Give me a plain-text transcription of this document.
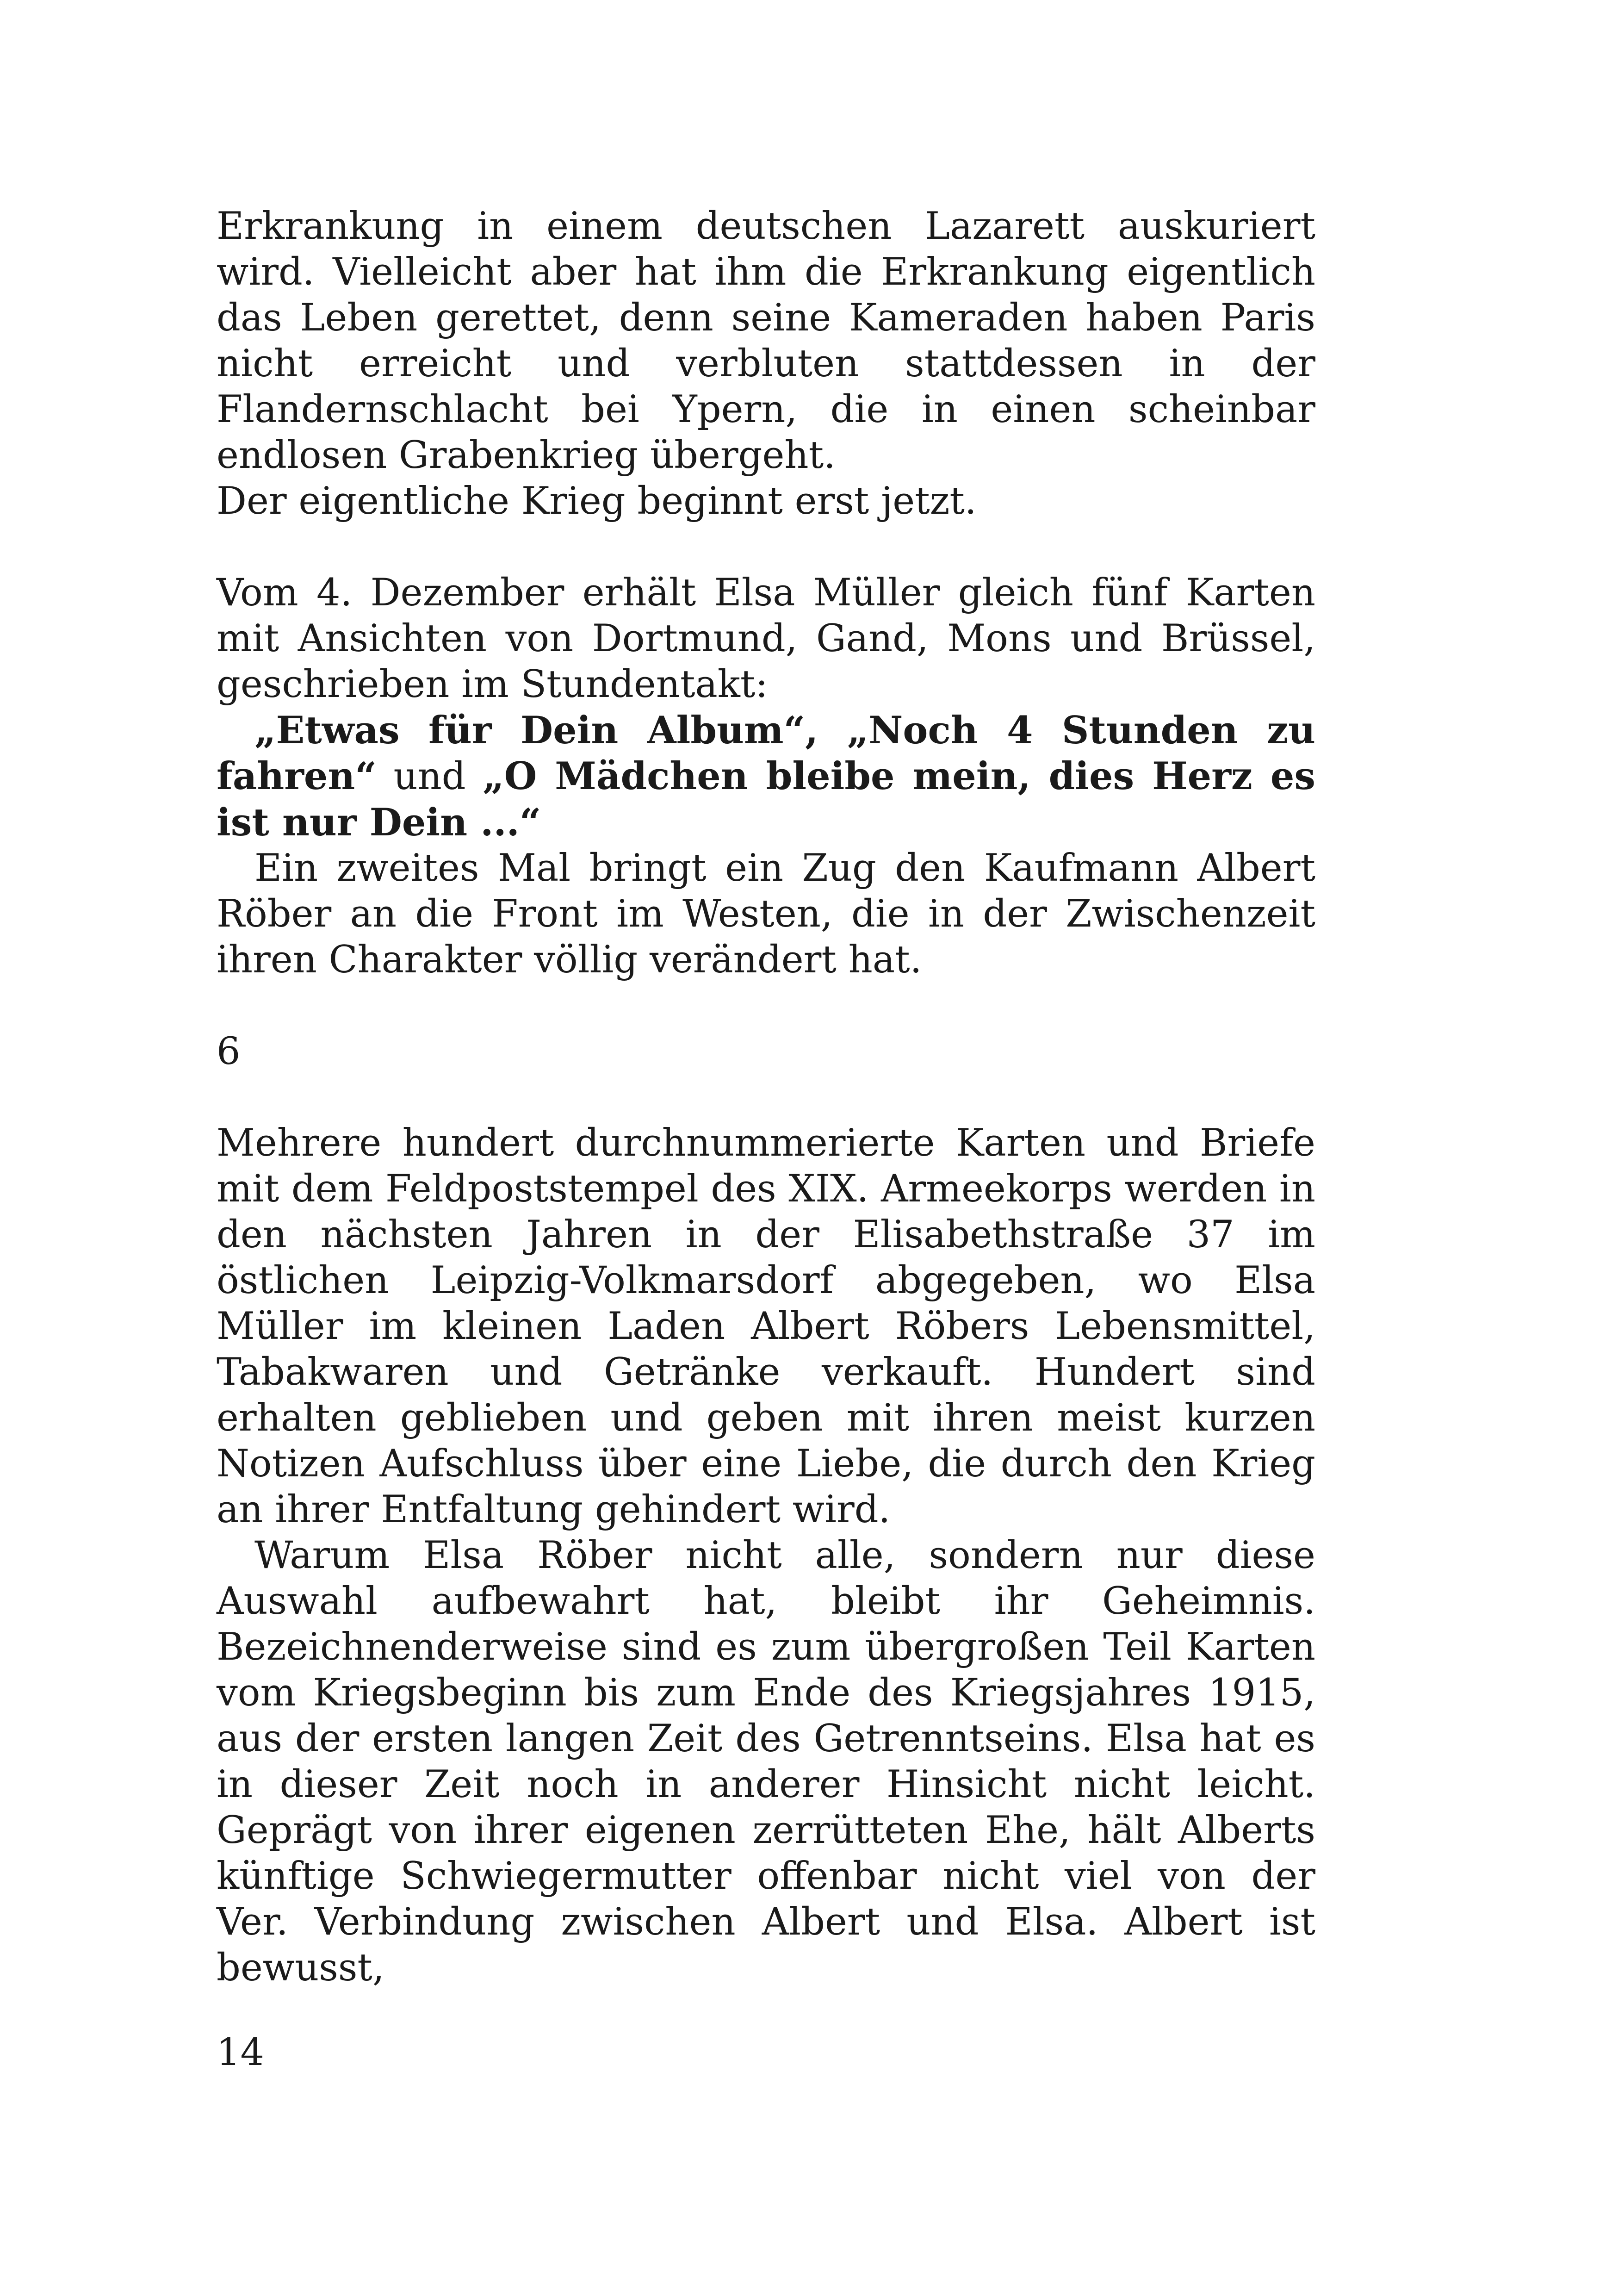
Erkrankung in einem deutschen Lazarett auskuriert wird. Vielleicht aber hat ihm die Erkrankung eigentlich das Leben gerettet, denn seine Kameraden haben Paris nicht erreicht und verbluten stattdessen in der Flandernschlacht bei Ypern, die in einen scheinbar endlosen Grabenkrieg übergeht.

Der eigentliche Krieg beginnt erst jetzt.

Vom 4. Dezember erhält Elsa Müller gleich fünf Karten mit Ansichten von Dortmund, Gand, Mons und Brüssel, geschrieben im Stundentakt:

„Etwas für Dein Album“, „Noch 4 Stunden zu fahren“ und „O Mädchen bleibe mein, dies Herz es ist nur Dein ...“

Ein zweites Mal bringt ein Zug den Kaufmann Albert Röber an die Front im Westen, die in der Zwischenzeit ihren Charakter völlig verändert hat.

6

Mehrere hundert durchnummerierte Karten und Briefe mit dem Feldpoststempel des XIX. Armeekorps werden in den nächsten Jahren in der Elisabethstraße 37 im östlichen Leipzig-Volkmarsdorf abgegeben, wo Elsa Müller im kleinen Laden Albert Röbers Lebensmittel, Tabakwaren und Getränke verkauft. Hundert sind erhalten geblieben und geben mit ihren meist kurzen Notizen Aufschluss über eine Liebe, die durch den Krieg an ihrer Entfaltung gehindert wird.

Warum Elsa Röber nicht alle, sondern nur diese Auswahl aufbewahrt hat, bleibt ihr Geheimnis. Bezeichnenderweise sind es zum übergroßen Teil Karten vom Kriegsbeginn bis zum Ende des Kriegsjahres 1915, aus der ersten langen Zeit des Getrenntseins. Elsa hat es in dieser Zeit noch in anderer Hinsicht nicht leicht. Geprägt von ihrer eigenen zerrütteten Ehe, hält Alberts künftige Schwiegermutter offenbar nicht viel von der Ver. Verbindung zwischen Albert und Elsa. Albert ist bewusst,

14
